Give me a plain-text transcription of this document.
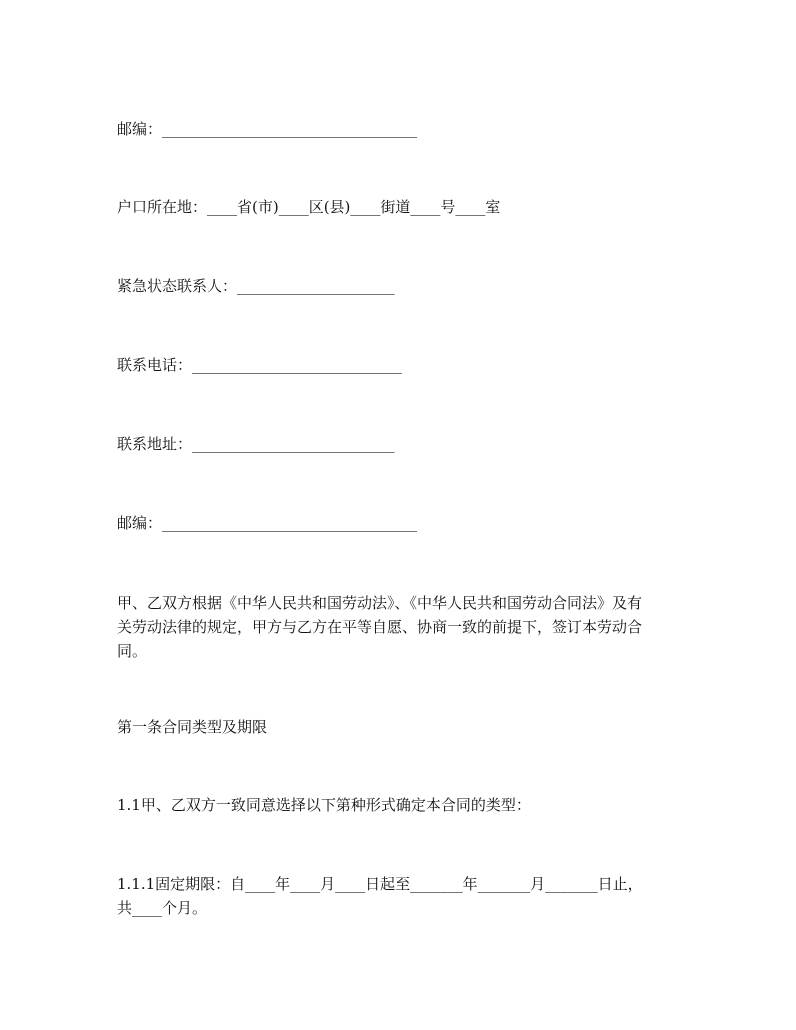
邮编：__________________________________
户口所在地：____省(市)____区(县)____街道____号____室
紧急状态联系人：_____________________
联系电话：____________________________
联系地址：___________________________
邮编：__________________________________
甲、乙双方根据《中华人民共和国劳动法》、《中华人民共和国劳动合同法》及有
关劳动法律的规定，甲方与乙方在平等自愿、协商一致的前提下，签订本劳动合
同。
第一条合同类型及期限
1.1甲、乙双方一致同意选择以下第种形式确定本合同的类型：
1.1.1固定期限：自____年____月____日起至_______年_______月_______日止，
共____个月。
